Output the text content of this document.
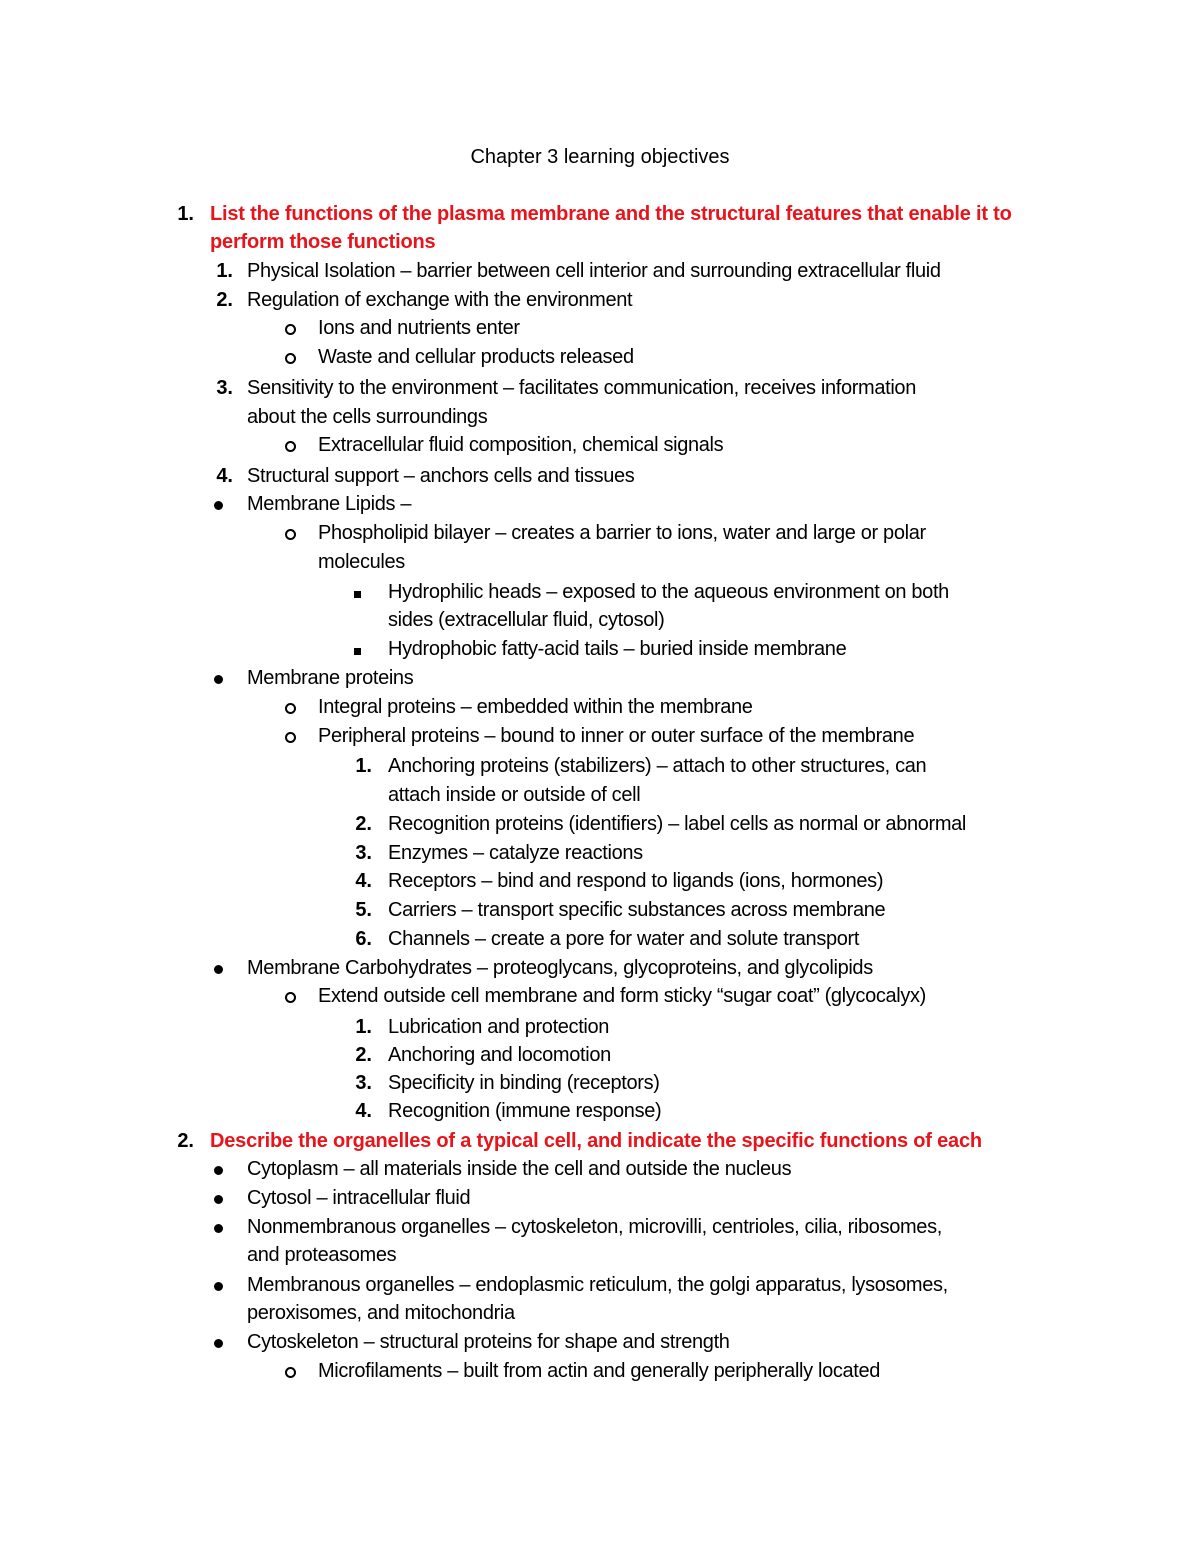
Chapter 3 learning objectives
1. List the functions of the plasma membrane and the structural features that enable it to
perform those functions
1. Physical Isolation – barrier between cell interior and surrounding extracellular fluid
2. Regulation of exchange with the environment
Ions and nutrients enter
Waste and cellular products released
3. Sensitivity to the environment – facilitates communication, receives information
about the cells surroundings
Extracellular fluid composition, chemical signals
4. Structural support – anchors cells and tissues
Membrane Lipids –
Phospholipid bilayer – creates a barrier to ions, water and large or polar
molecules
Hydrophilic heads – exposed to the aqueous environment on both
sides (extracellular fluid, cytosol)
Hydrophobic fatty-acid tails – buried inside membrane
Membrane proteins
Integral proteins – embedded within the membrane
Peripheral proteins – bound to inner or outer surface of the membrane
1. Anchoring proteins (stabilizers) – attach to other structures, can
attach inside or outside of cell
2. Recognition proteins (identifiers) – label cells as normal or abnormal
3. Enzymes – catalyze reactions
4. Receptors – bind and respond to ligands (ions, hormones)
5. Carriers – transport specific substances across membrane
6. Channels – create a pore for water and solute transport
Membrane Carbohydrates – proteoglycans, glycoproteins, and glycolipids
Extend outside cell membrane and form sticky “sugar coat” (glycocalyx)
1. Lubrication and protection
2. Anchoring and locomotion
3. Specificity in binding (receptors)
4. Recognition (immune response)
2. Describe the organelles of a typical cell, and indicate the specific functions of each
Cytoplasm – all materials inside the cell and outside the nucleus
Cytosol – intracellular fluid
Nonmembranous organelles – cytoskeleton, microvilli, centrioles, cilia, ribosomes,
and proteasomes
Membranous organelles – endoplasmic reticulum, the golgi apparatus, lysosomes,
peroxisomes, and mitochondria
Cytoskeleton – structural proteins for shape and strength
Microfilaments – built from actin and generally peripherally located
